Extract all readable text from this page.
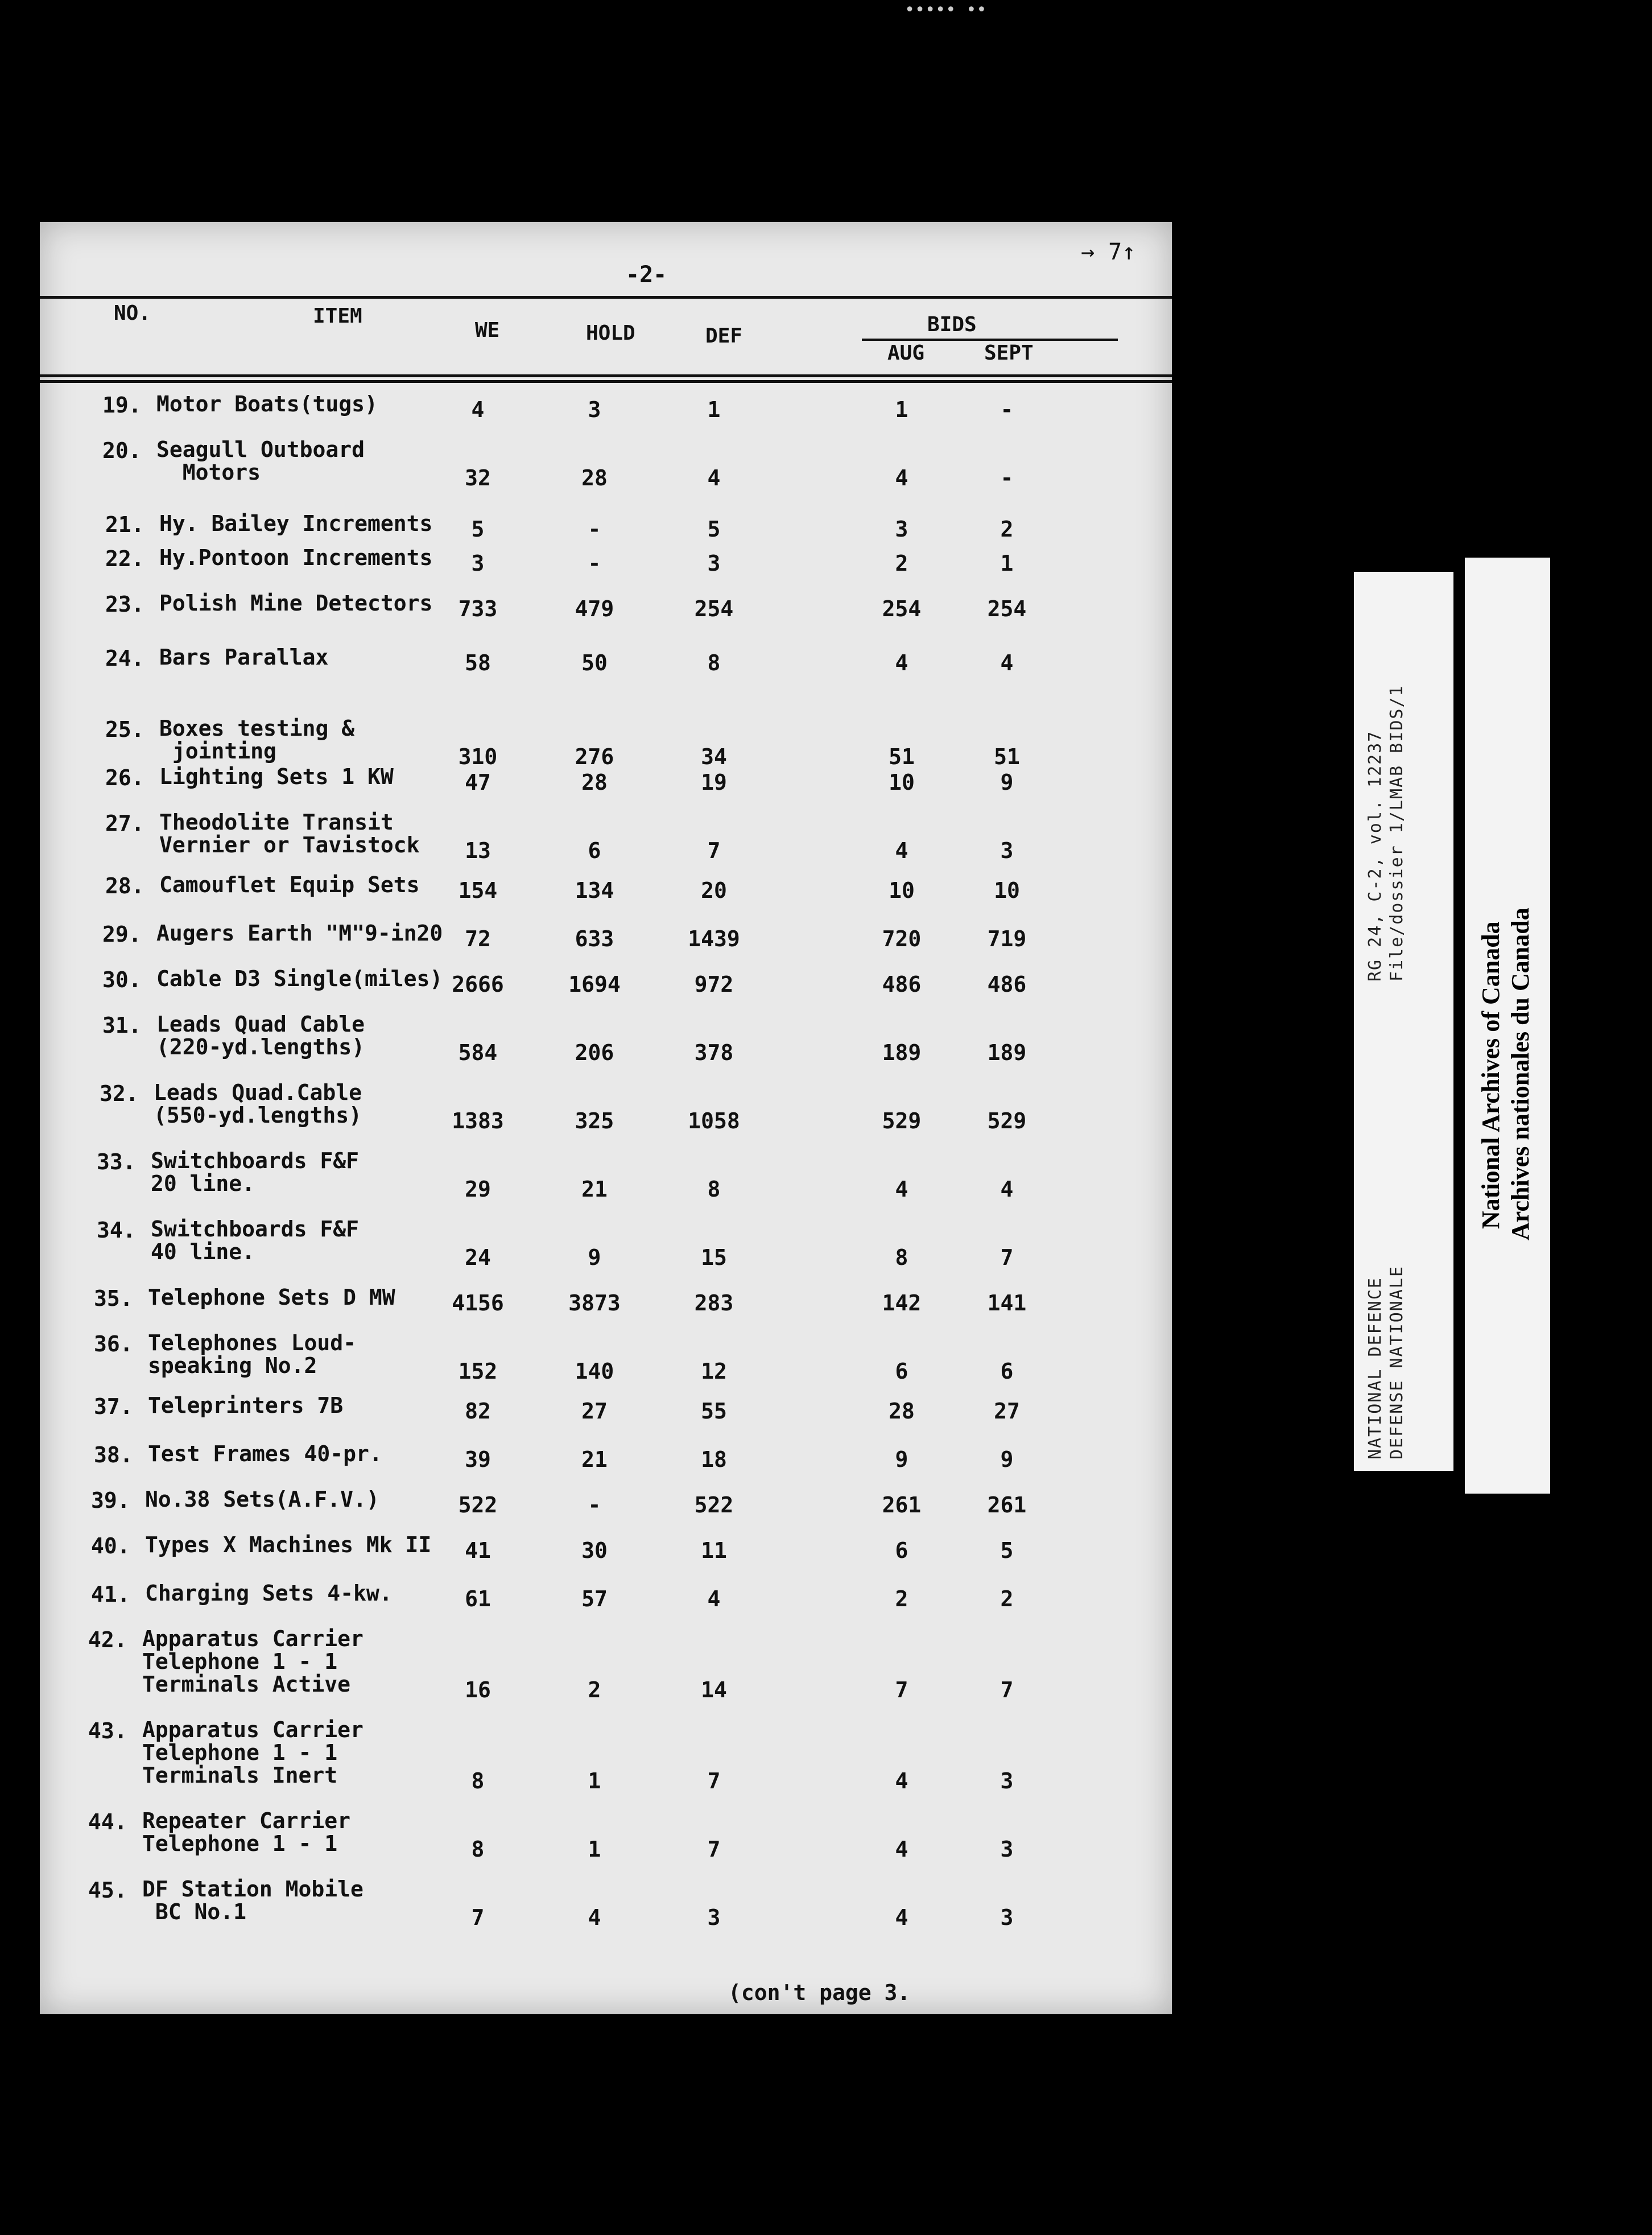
••••• ••
-2-
→ 7↑
NO.	ITEM
WE	HOLD	DEF	BIDS
AUG	SEPT
19. Motor Boats(tugs)	4	3	1	1	-
20. Seagull Outboard
Motors	32	28	4	4	-
21. Hy. Bailey Increments	5	-	5	3	2
22. Hy.Pontoon Increments	3	-	3	2	1
23. Polish Mine Detectors	733	479	254	254	254
24. Bars Parallax	58	50	8	4	4
25. Boxes testing &
jointing	310	276	34	51	51
26. Lighting Sets 1 KW	47	28	19	10	9
27. Theodolite Transit
Vernier or Tavistock	13	6	7	4	3
28. Camouflet Equip Sets	154	134	20	10	10
29. Augers Earth "M"9-in20	72	633	1439	720	719
30. Cable D3 Single(miles) 2666	1694	972	486	486
31. Leads Quad Cable
(220-yd.lengths)	584	206	378	189	189
32. Leads Quad.Cable
(550-yd.lengths)	1383	325	1058	529	529
33. Switchboards F&F
20 line.	29	21	8	4	4
34. Switchboards F&F
40 line.	24	9	15	8	7
35. Telephone Sets D MW	4156	3873	283	142	141
36. Telephones Loud-
speaking No.2	152	140	12	6	6
37. Teleprinters 7B	82	27	55	28	27
38. Test Frames 40-pr.	39	21	18	9	9
39. No.38 Sets(A.F.V.)	522	-	522	261	261
40. Types X Machines Mk II	41	30	11	6	5
41. Charging Sets 4-kw.	61	57	4	2	2
42. Apparatus Carrier
Telephone 1 - 1
Terminals Active	16	2	14	7	7
43. Apparatus Carrier
Telephone 1 - 1
Terminals Inert	8	1	7	4	3
44. Repeater Carrier
Telephone 1 - 1	8	1	7	4	3
45. DF Station Mobile
BC No.1	7	4	3	4	3
(con't page 3.
NATIONAL DEFENCE DEFENSE NATIONALE
RG 24, C-2, vol. 12237 File/dossier 1/LMAB BIDS/1
National Archives of Canada Archives nationales du Canada
